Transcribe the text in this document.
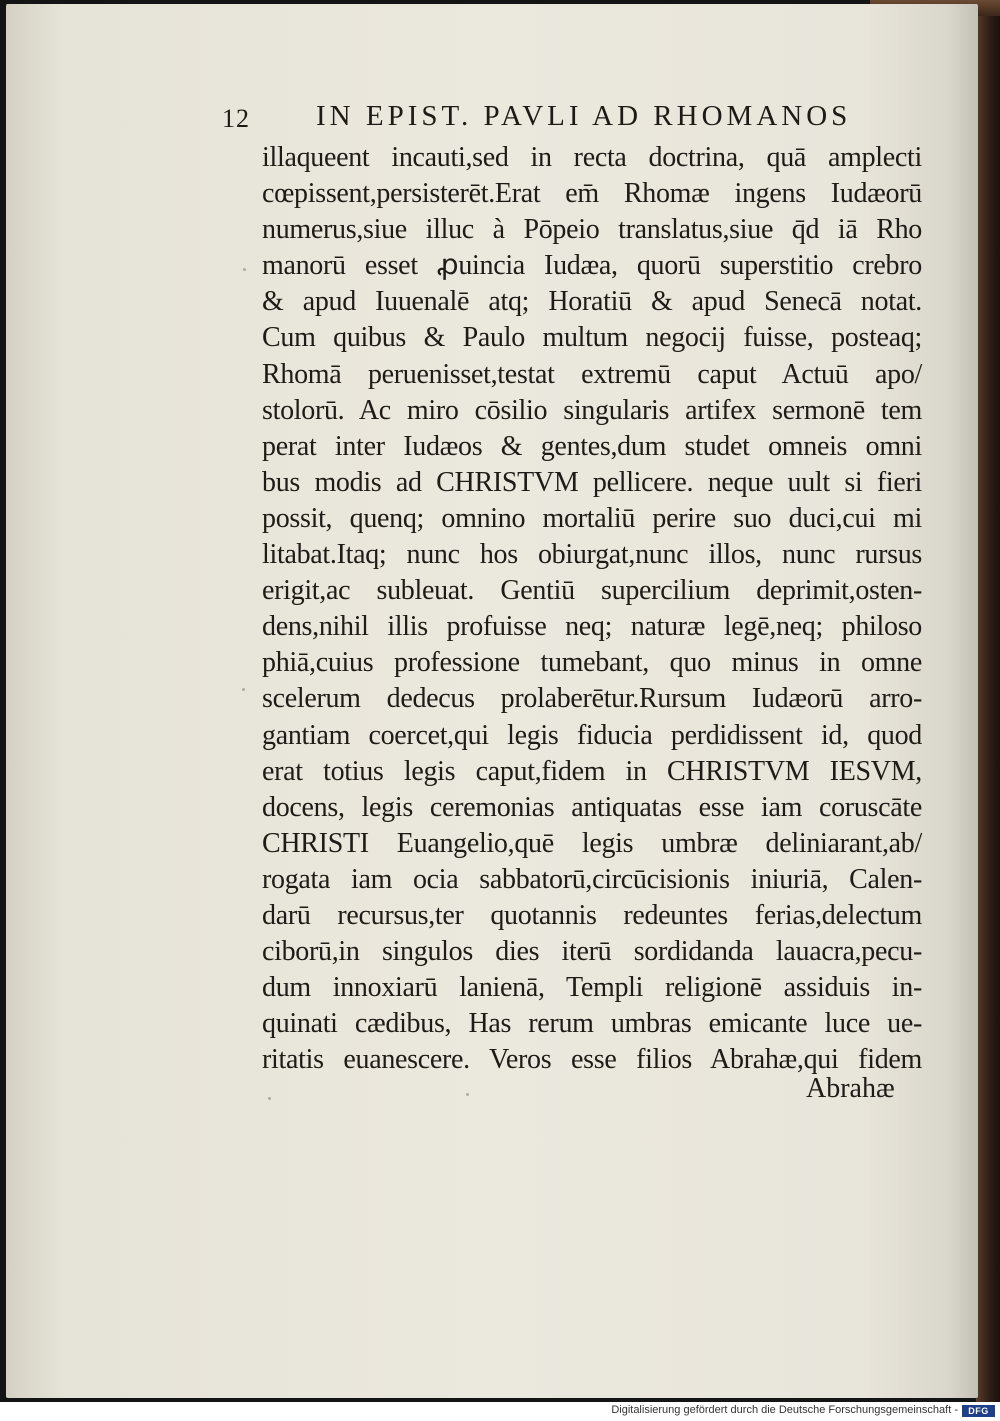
12 IN EPIST. PAVLI AD RHOMANOS
illaqueent incauti,sed in recta doctrina, quā amplecti
cœpissent,persisterēt.Erat em̄ Rhomæ ingens Iudæorū
numerus,siue illuc à Pōpeio translatus,siue q̄d iā Rho
manorū esset ꝓuincia Iudæa, quorū superstitio crebro
& apud Iuuenalē atq; Horatiū & apud Senecā notat.
Cum quibus & Paulo multum negocij fuisse, posteaq;
Rhomā peruenisset,testat extremū caput Actuū apo/
stolorū. Ac miro cōsilio singularis artifex sermonē tem
perat inter Iudæos & gentes,dum studet omneis omni
bus modis ad CHRISTVM pellicere. neque uult si fieri
possit, quenq; omnino mortaliū perire suo duci,cui mi
litabat.Itaq; nunc hos obiurgat,nunc illos, nunc rursus
erigit,ac subleuat. Gentiū supercilium deprimit,osten-
dens,nihil illis profuisse neq; naturæ legē,neq; philoso
phiā,cuius professione tumebant, quo minus in omne
scelerum dedecus prolaberētur.Rursum Iudæorū arro-
gantiam coercet,qui legis fiducia perdidissent id, quod
erat totius legis caput,fidem in CHRISTVM IESVM,
docens, legis ceremonias antiquatas esse iam coruscāte
CHRISTI Euangelio,quē legis umbræ deliniarant,ab/
rogata iam ocia sabbatorū,circūcisionis iniuriā, Calen-
darū recursus,ter quotannis redeuntes ferias,delectum
ciborū,in singulos dies iterū sordidanda lauacra,pecu-
dum innoxiarū lanienā, Templi religionē assiduis in-
quinati cædibus, Has rerum umbras emicante luce ue-
ritatis euanescere. Veros esse filios Abrahæ,qui fidem
Abrahæ
Digitalisierung gefördert durch die Deutsche Forschungsgemeinschaft -	DFG
